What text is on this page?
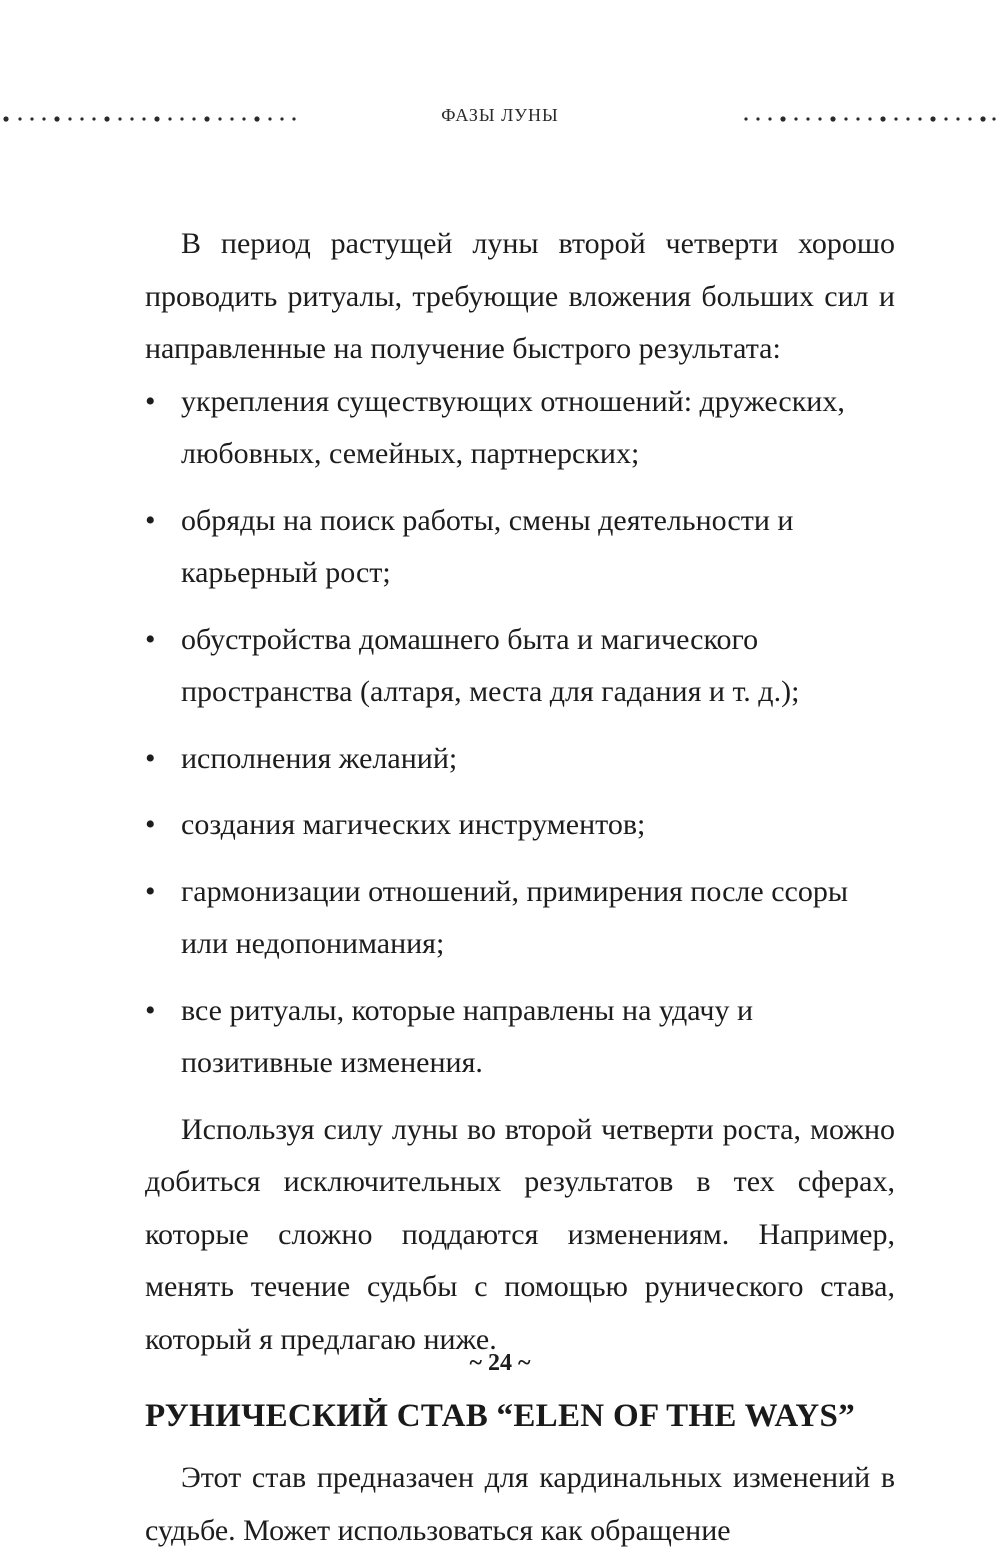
ФАЗЫ ЛУНЫ

В период растущей луны второй четверти хорошо проводить ритуалы, требующие вложения больших сил и направленные на получение быстрого результата:

• укрепления существующих отношений: дружеских, любовных, семейных, партнерских;
• обряды на поиск работы, смены деятельности и карьерный рост;
• обустройства домашнего быта и магического пространства (алтаря, места для гадания и т. д.);
• исполнения желаний;
• создания магических инструментов;
• гармонизации отношений, примирения после ссоры или недопонимания;
• все ритуалы, которые направлены на удачу и позитивные изменения.

Используя силу луны во второй четверти роста, можно добиться исключительных результатов в тех сферах, которые сложно поддаются изменениям. Например, менять течение судьбы с помощью рунического става, который я предлагаю ниже.

РУНИЧЕСКИЙ СТАВ “ELEN OF THE WAYS”

Этот став предназачен для кардинальных изменений в судьбе. Может использоваться как обращение

~ 24 ~
